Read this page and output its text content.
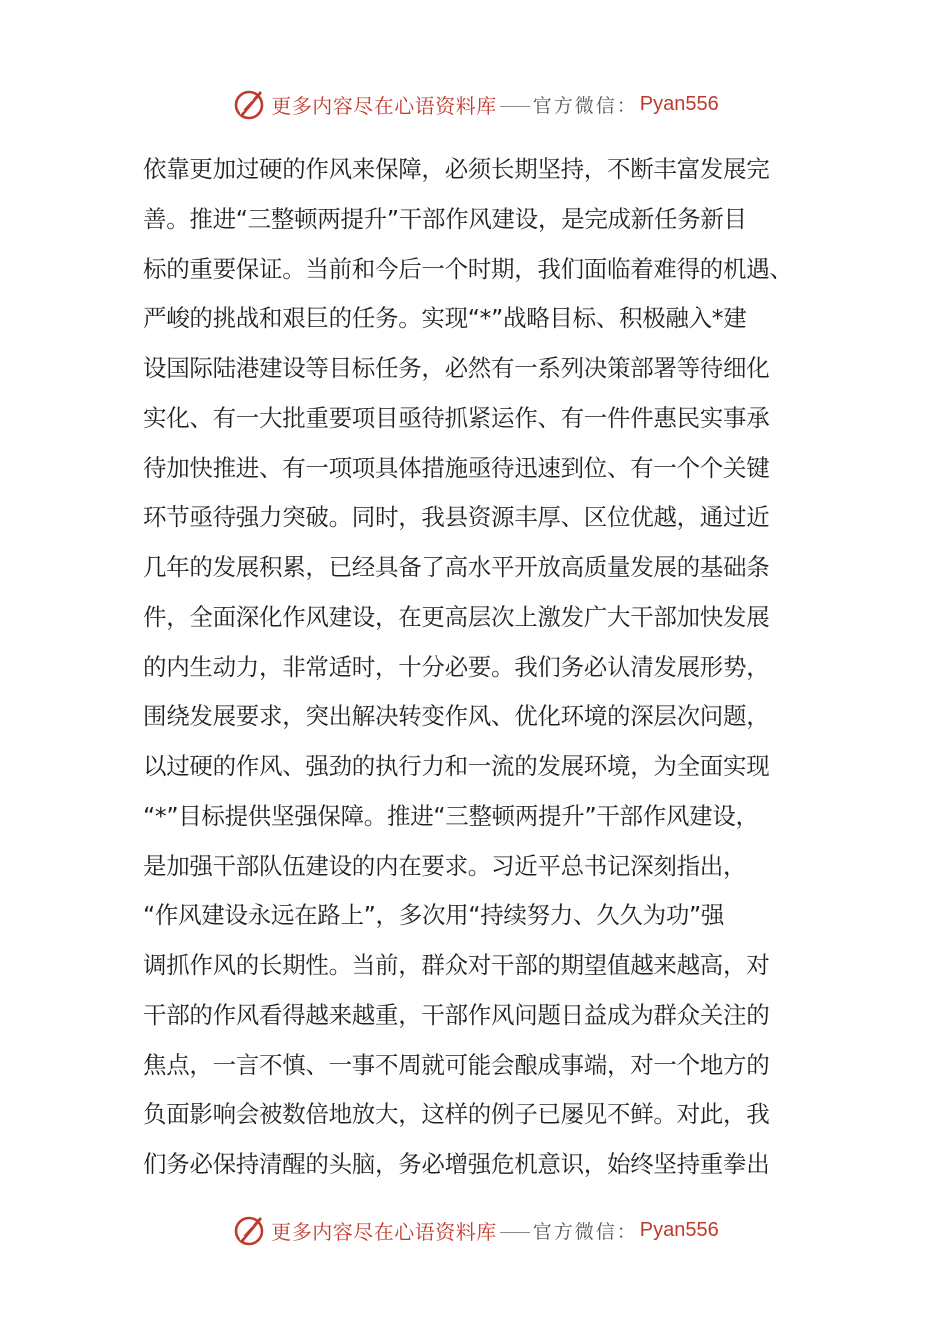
更多内容尽在心语资料库 官方微信： Pyan556
依靠更加过硬的作风来保障，必须长期坚持，不断丰富发展完
善。推进“三整顿两提升”干部作风建设，是完成新任务新目
标的重要保证。当前和今后一个时期，我们面临着难得的机遇、
严峻的挑战和艰巨的任务。实现“*”战略目标、积极融入*建
设国际陆港建设等目标任务，必然有一系列决策部署等待细化
实化、有一大批重要项目亟待抓紧运作、有一件件惠民实事承
待加快推进、有一项项具体措施亟待迅速到位、有一个个关键
环节亟待强力突破。同时，我县资源丰厚、区位优越，通过近
几年的发展积累，已经具备了高水平开放高质量发展的基础条
件，全面深化作风建设，在更高层次上激发广大干部加快发展
的内生动力，非常适时，十分必要。我们务必认清发展形势，
围绕发展要求，突出解决转变作风、优化环境的深层次问题，
以过硬的作风、强劲的执行力和一流的发展环境，为全面实现
“*”目标提供坚强保障。推进“三整顿两提升”干部作风建设，
是加强干部队伍建设的内在要求。习近平总书记深刻指出，
“作风建设永远在路上”，多次用“持续努力、久久为功”强
调抓作风的长期性。当前，群众对干部的期望值越来越高，对
干部的作风看得越来越重，干部作风问题日益成为群众关注的
焦点，一言不慎、一事不周就可能会酿成事端，对一个地方的
负面影响会被数倍地放大，这样的例子已屡见不鲜。对此，我
们务必保持清醒的头脑，务必增强危机意识，始终坚持重拳出
更多内容尽在心语资料库 官方微信： Pyan556
